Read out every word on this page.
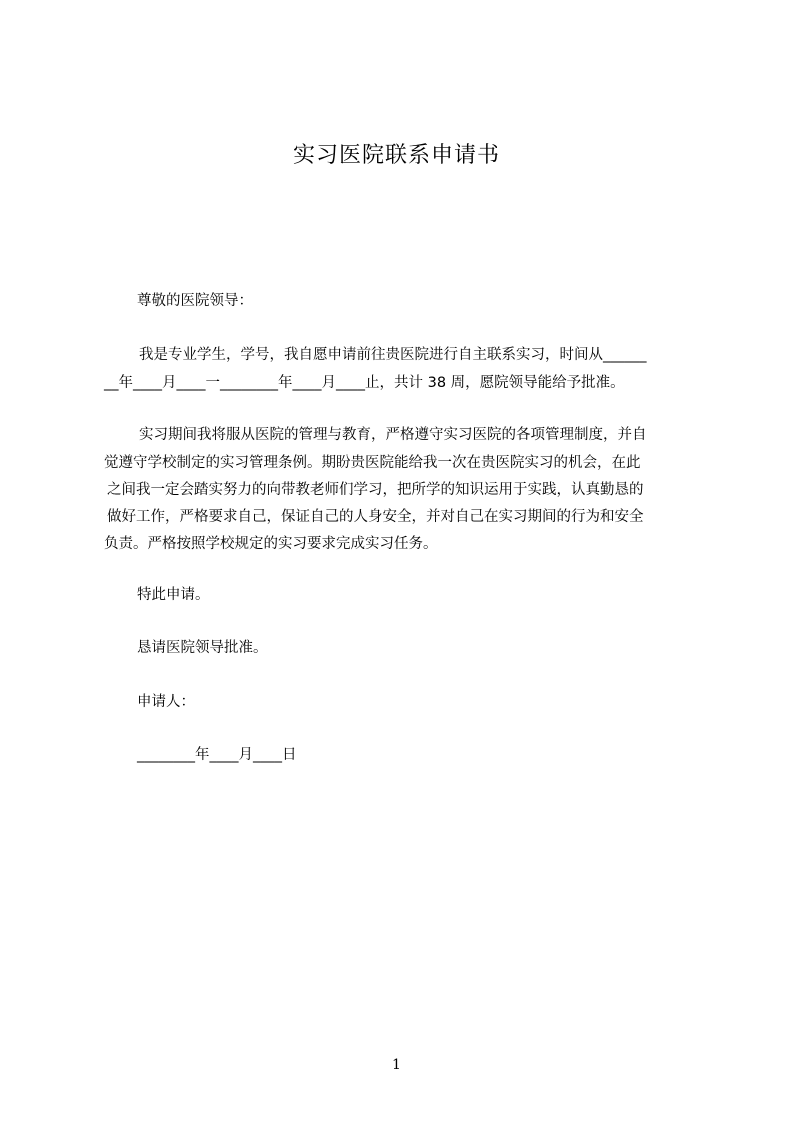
实习医院联系申请书
尊敬的医院领导：
我是专业学生，学号，我自愿申请前往贵医院进行自主联系实习，时间从______
__年____月____一________年____月____止，共计 38 周，愿院领导能给予批准。
实习期间我将服从医院的管理与教育，严格遵守实习医院的各项管理制度，并自
觉遵守学校制定的实习管理条例。期盼贵医院能给我一次在贵医院实习的机会，在此
之间我一定会踏实努力的向带教老师们学习，把所学的知识运用于实践，认真勤恳的
做好工作，严格要求自己，保证自己的人身安全，并对自己在实习期间的行为和安全
负责。严格按照学校规定的实习要求完成实习任务。
特此申请。
恳请医院领导批准。
申请人：
________年____月____日
1
